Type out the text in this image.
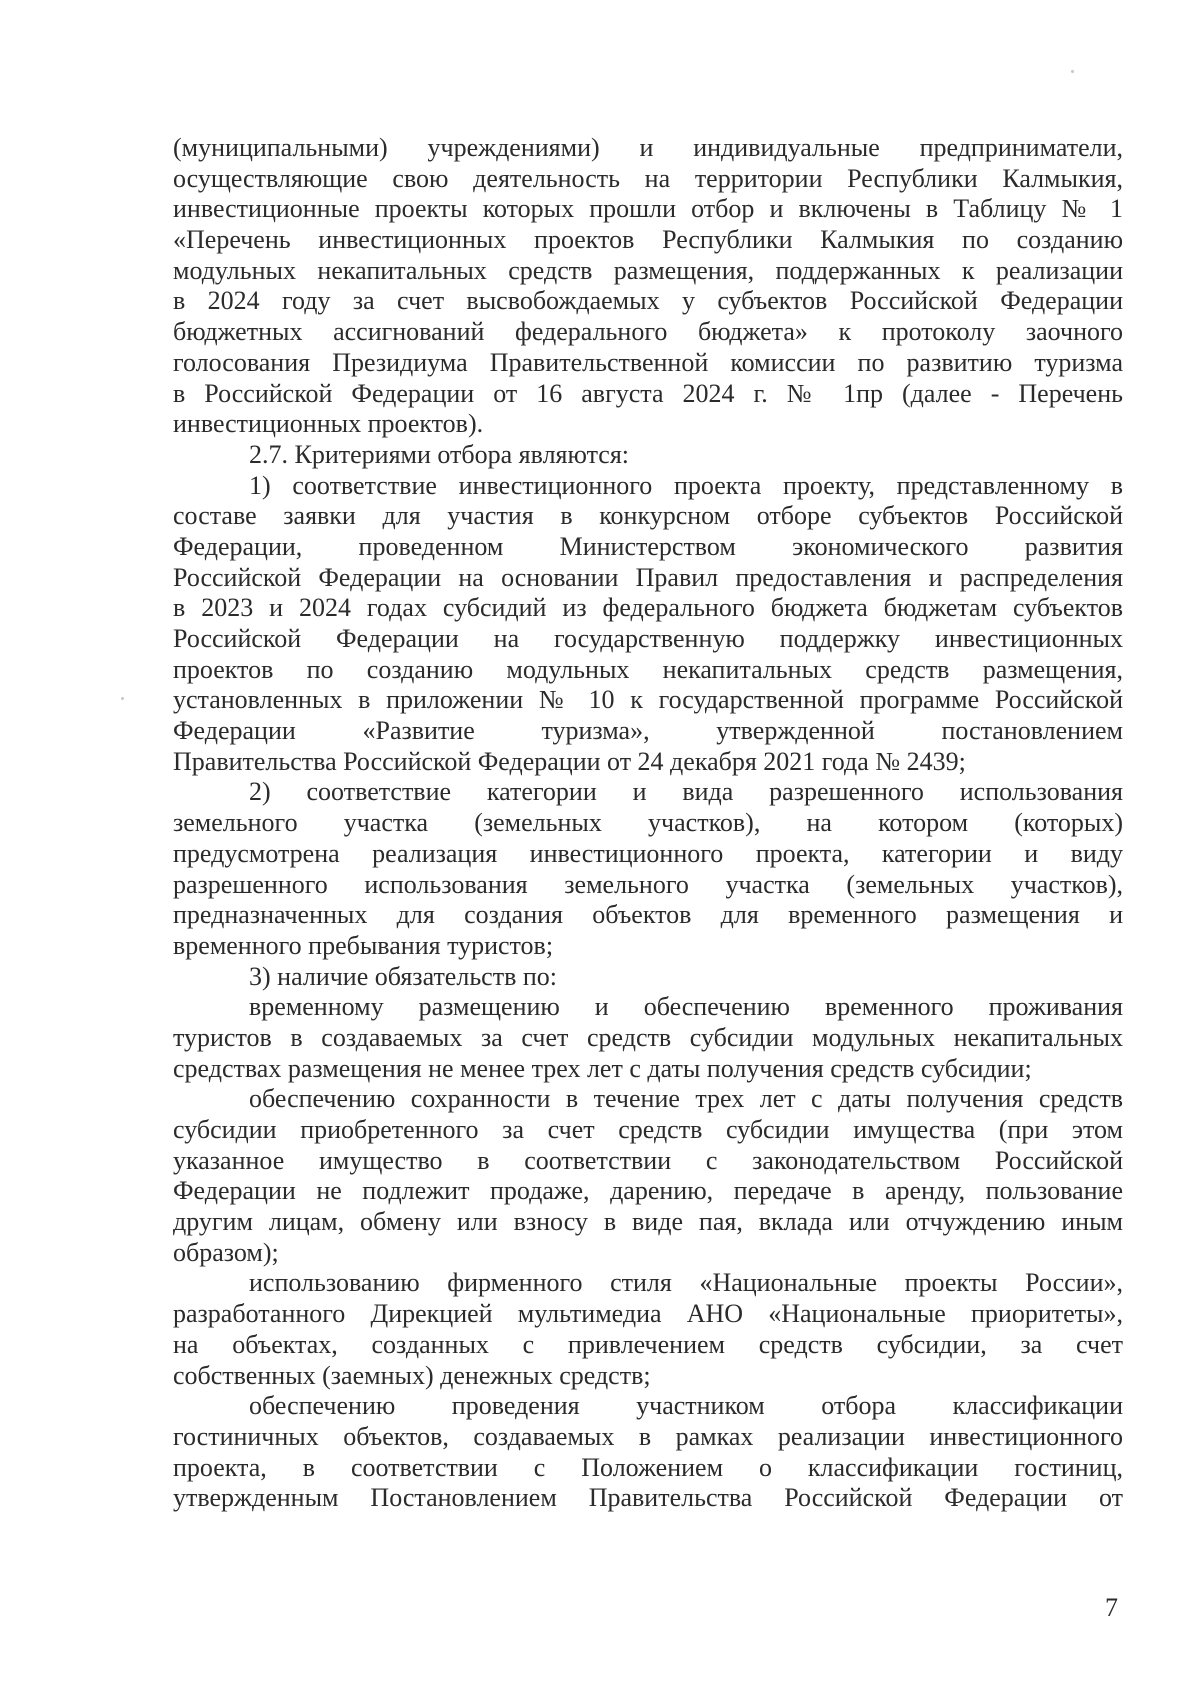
(муниципальными) учреждениями) и индивидуальные предприниматели,
осуществляющие свою деятельность на территории Республики Калмыкия,
инвестиционные проекты которых прошли отбор и включены в Таблицу № 1
«Перечень инвестиционных проектов Республики Калмыкия по созданию
модульных некапитальных средств размещения, поддержанных к реализации
в 2024 году за счет высвобождаемых у субъектов Российской Федерации
бюджетных ассигнований федерального бюджета» к протоколу заочного
голосования Президиума Правительственной комиссии по развитию туризма
в Российской Федерации от 16 августа 2024 г. № 1пр (далее - Перечень
инвестиционных проектов).
2.7. Критериями отбора являются:
1) соответствие инвестиционного проекта проекту, представленному в
составе заявки для участия в конкурсном отборе субъектов Российской
Федерации, проведенном Министерством экономического развития
Российской Федерации на основании Правил предоставления и распределения
в 2023 и 2024 годах субсидий из федерального бюджета бюджетам субъектов
Российской Федерации на государственную поддержку инвестиционных
проектов по созданию модульных некапитальных средств размещения,
установленных в приложении № 10 к государственной программе Российской
Федерации «Развитие туризма», утвержденной постановлением
Правительства Российской Федерации от 24 декабря 2021 года № 2439;
2) соответствие категории и вида разрешенного использования
земельного участка (земельных участков), на котором (которых)
предусмотрена реализация инвестиционного проекта, категории и виду
разрешенного использования земельного участка (земельных участков),
предназначенных для создания объектов для временного размещения и
временного пребывания туристов;
3) наличие обязательств по:
временному размещению и обеспечению временного проживания
туристов в создаваемых за счет средств субсидии модульных некапитальных
средствах размещения не менее трех лет с даты получения средств субсидии;
обеспечению сохранности в течение трех лет с даты получения средств
субсидии приобретенного за счет средств субсидии имущества (при этом
указанное имущество в соответствии с законодательством Российской
Федерации не подлежит продаже, дарению, передаче в аренду, пользование
другим лицам, обмену или взносу в виде пая, вклада или отчуждению иным
образом);
использованию фирменного стиля «Национальные проекты России»,
разработанного Дирекцией мультимедиа АНО «Национальные приоритеты»,
на объектах, созданных с привлечением средств субсидии, за счет
собственных (заемных) денежных средств;
обеспечению проведения участником отбора классификации
гостиничных объектов, создаваемых в рамках реализации инвестиционного
проекта, в соответствии с Положением о классификации гостиниц,
утвержденным Постановлением Правительства Российской Федерации от
7
